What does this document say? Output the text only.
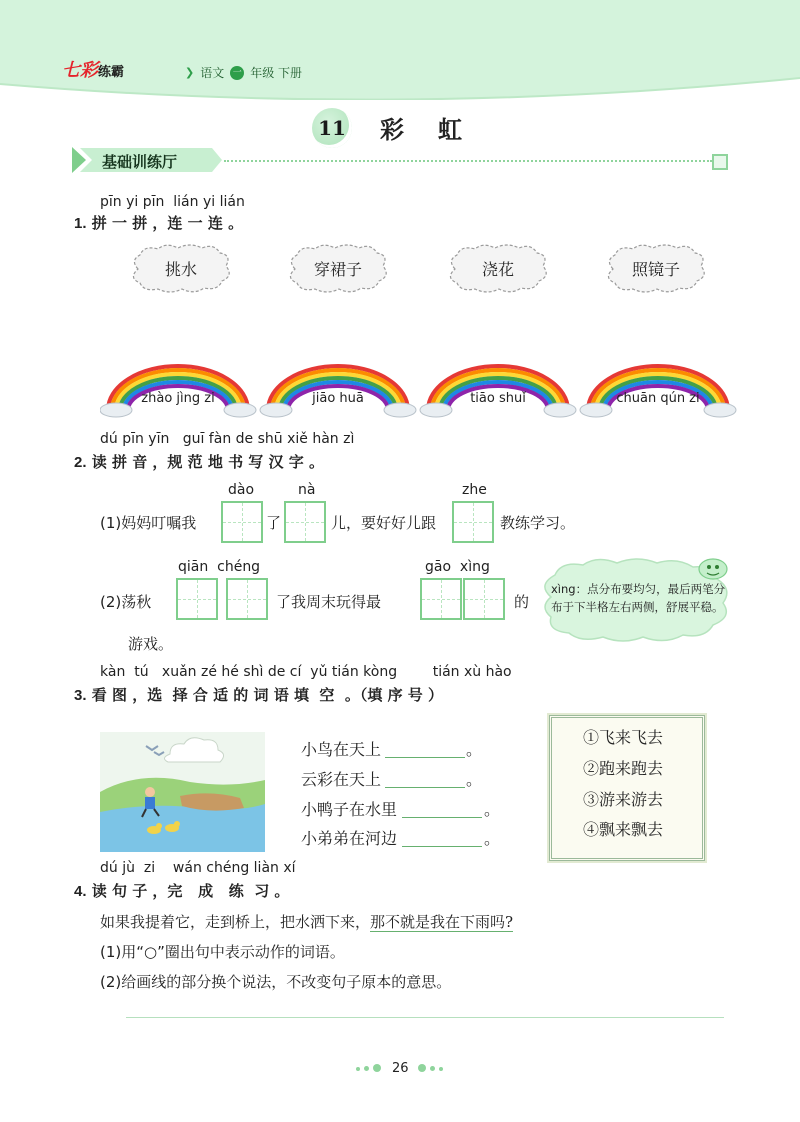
七彩练霸	❯ 语文 一 年级 下册
11 彩虹
基础训练厅
pīn yi pīn  lián yi lián
1. 拼 一 拼 ，连 一 连 。
挑水	穿裙子	浇花	照镜子
zhào jìng zi	jiāo huā	tiāo shuǐ	chuān qún zi
dú pīn yīn   guī fàn de shū xiě hàn zì
2. 读 拼 音 ，规 范 地 书 写 汉 字 。
dào	nà	zhe
(1)妈妈叮嘱我	了	儿，要好好儿跟	教练学习。
qiān  chéng	gāo  xìng
(2)荡秋	了我周末玩得最	的
游戏。
xìng：点分布要均匀，最后两笔分布于下半格左右两侧，舒展平稳。
kàn  tú   xuǎn zé hé shì de cí  yǔ tián kòng        tián xù hào
3. 看 图 ，选  择 合 适 的 词 语 填  空  。（填 序 号 ）
小鸟在天上	。
云彩在天上	。
小鸭子在水里	。
小弟弟在河边	。
①飞来飞去
②跑来跑去
③游来游去
④飘来飘去
dú jù  zi    wán chéng liàn xí
4. 读 句 子 ，完   成   练  习 。
如果我提着它，走到桥上，把水洒下来，那不就是我在下雨吗?
(1)用“○”圈出句中表示动作的词语。
(2)给画线的部分换个说法，不改变句子原本的意思。
26
